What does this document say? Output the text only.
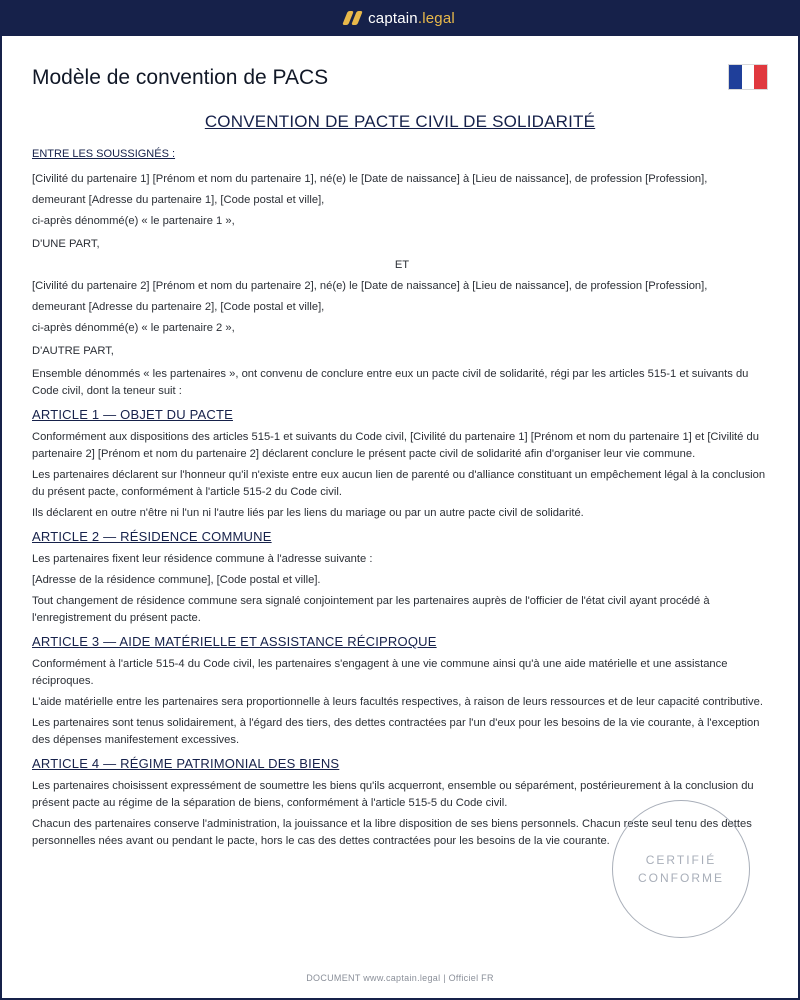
captain.legal
Modèle de convention de PACS
CONVENTION DE PACTE CIVIL DE SOLIDARITÉ
ENTRE LES SOUSSIGNÉS :
[Civilité du partenaire 1] [Prénom et nom du partenaire 1], né(e) le [Date de naissance] à [Lieu de naissance], de profession [Profession],
demeurant [Adresse du partenaire 1], [Code postal et ville],
ci-après dénommé(e) « le partenaire 1 »,
D'UNE PART,
ET
[Civilité du partenaire 2] [Prénom et nom du partenaire 2], né(e) le [Date de naissance] à [Lieu de naissance], de profession [Profession],
demeurant [Adresse du partenaire 2], [Code postal et ville],
ci-après dénommé(e) « le partenaire 2 »,
D'AUTRE PART,
Ensemble dénommés « les partenaires », ont convenu de conclure entre eux un pacte civil de solidarité, régi par les articles 515-1 et suivants du Code civil, dont la teneur suit :
ARTICLE 1 — OBJET DU PACTE
Conformément aux dispositions des articles 515-1 et suivants du Code civil, [Civilité du partenaire 1] [Prénom et nom du partenaire 1] et [Civilité du partenaire 2] [Prénom et nom du partenaire 2] déclarent conclure le présent pacte civil de solidarité afin d'organiser leur vie commune.
Les partenaires déclarent sur l'honneur qu'il n'existe entre eux aucun lien de parenté ou d'alliance constituant un empêchement légal à la conclusion du présent pacte, conformément à l'article 515-2 du Code civil.
Ils déclarent en outre n'être ni l'un ni l'autre liés par les liens du mariage ou par un autre pacte civil de solidarité.
ARTICLE 2 — RÉSIDENCE COMMUNE
Les partenaires fixent leur résidence commune à l'adresse suivante :
[Adresse de la résidence commune], [Code postal et ville].
Tout changement de résidence commune sera signalé conjointement par les partenaires auprès de l'officier de l'état civil ayant procédé à l'enregistrement du présent pacte.
ARTICLE 3 — AIDE MATÉRIELLE ET ASSISTANCE RÉCIPROQUE
Conformément à l'article 515-4 du Code civil, les partenaires s'engagent à une vie commune ainsi qu'à une aide matérielle et une assistance réciproques.
L'aide matérielle entre les partenaires sera proportionnelle à leurs facultés respectives, à raison de leurs ressources et de leur capacité contributive.
Les partenaires sont tenus solidairement, à l'égard des tiers, des dettes contractées par l'un d'eux pour les besoins de la vie courante, à l'exception des dépenses manifestement excessives.
ARTICLE 4 — RÉGIME PATRIMONIAL DES BIENS
Les partenaires choisissent expressément de soumettre les biens qu'ils acquerront, ensemble ou séparément, postérieurement à la conclusion du présent pacte au régime de la séparation de biens, conformément à l'article 515-5 du Code civil.
Chacun des partenaires conserve l'administration, la jouissance et la libre disposition de ses biens personnels. Chacun reste seul tenu des dettes personnelles nées avant ou pendant le pacte, hors le cas des dettes contractées pour les besoins de la vie courante.
CERTIFIÉ
CONFORME
DOCUMENT www.captain.legal | Officiel FR
